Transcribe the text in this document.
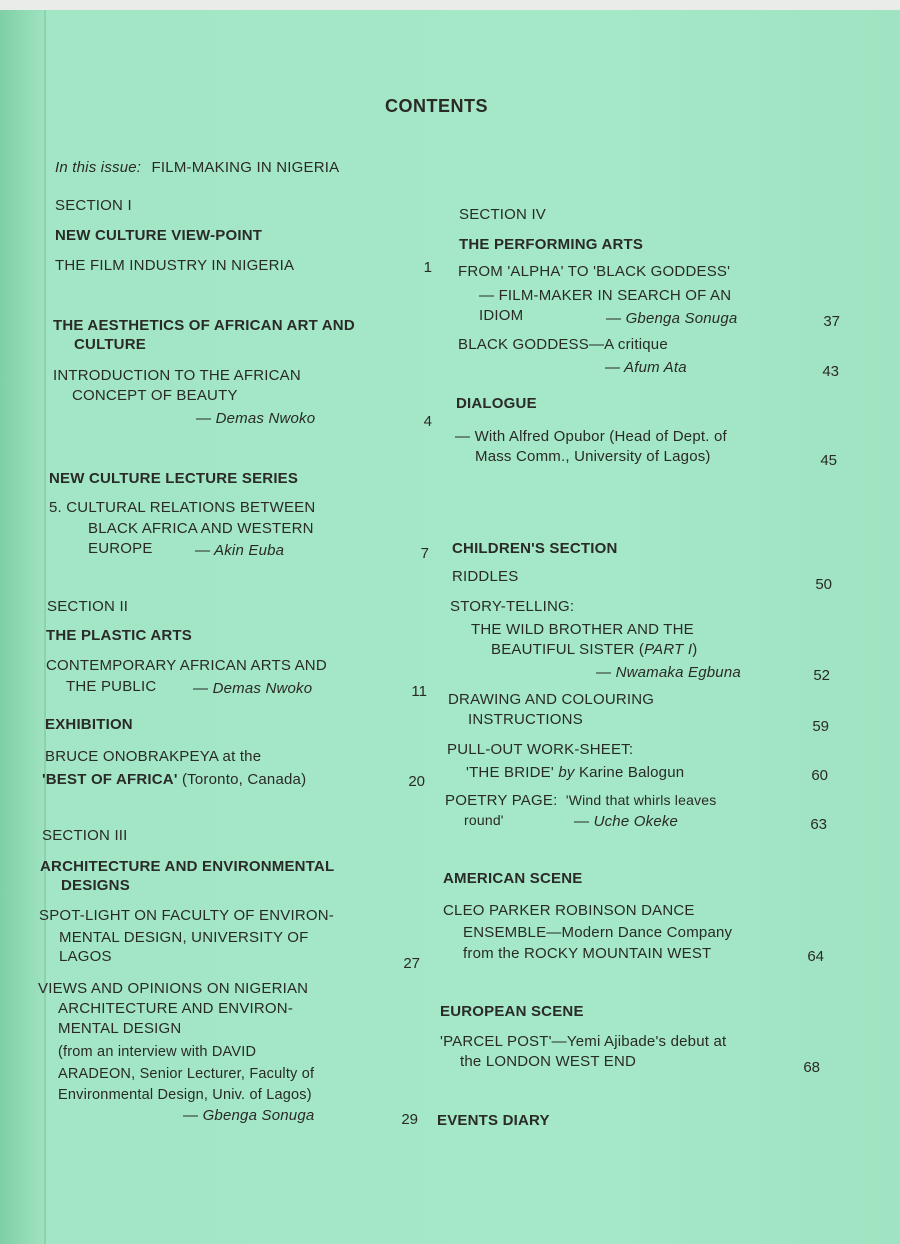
CONTENTS
In this issue: FILM-MAKING IN NIGERIA
SECTION I
NEW CULTURE VIEW-POINT
THE FILM INDUSTRY IN NIGERIA	1
THE AESTHETICS OF AFRICAN ART AND
CULTURE
INTRODUCTION TO THE AFRICAN
CONCEPT OF BEAUTY
— Demas Nwoko	4
NEW CULTURE LECTURE SERIES
5. CULTURAL RELATIONS BETWEEN
BLACK AFRICA AND WESTERN
EUROPE	— Akin Euba	7
SECTION II
THE PLASTIC ARTS
CONTEMPORARY AFRICAN ARTS AND
THE PUBLIC — Demas Nwoko	11
EXHIBITION
BRUCE ONOBRAKPEYA at the
'BEST OF AFRICA' (Toronto, Canada)	20
SECTION III
ARCHITECTURE AND ENVIRONMENTAL
DESIGNS
SPOT-LIGHT ON FACULTY OF ENVIRON-
MENTAL DESIGN, UNIVERSITY OF
LAGOS	27
VIEWS AND OPINIONS ON NIGERIAN
ARCHITECTURE AND ENVIRON-
MENTAL DESIGN
(from an interview with DAVID
ARADEON, Senior Lecturer, Faculty of
Environmental Design, Univ. of Lagos)
— Gbenga Sonuga	29
SECTION IV
THE PERFORMING ARTS
FROM 'ALPHA' TO 'BLACK GODDESS'
— FILM-MAKER IN SEARCH OF AN
IDIOM	— Gbenga Sonuga	37
BLACK GODDESS—A critique
— Afum Ata	43
DIALOGUE
— With Alfred Opubor (Head of Dept. of
Mass Comm., University of Lagos)	45
CHILDREN'S SECTION
RIDDLES	50
STORY-TELLING:
THE WILD BROTHER AND THE
BEAUTIFUL SISTER (PART I)
— Nwamaka Egbuna	52
DRAWING AND COLOURING
INSTRUCTIONS	59
PULL-OUT WORK-SHEET:
'THE BRIDE' by Karine Balogun	60
POETRY PAGE: 'Wind that whirls leaves
round'	— Uche Okeke	63
AMERICAN SCENE
CLEO PARKER ROBINSON DANCE
ENSEMBLE—Modern Dance Company
from the ROCKY MOUNTAIN WEST	64
EUROPEAN SCENE
'PARCEL POST'—Yemi Ajibade's debut at
the LONDON WEST END	68
EVENTS DIARY
